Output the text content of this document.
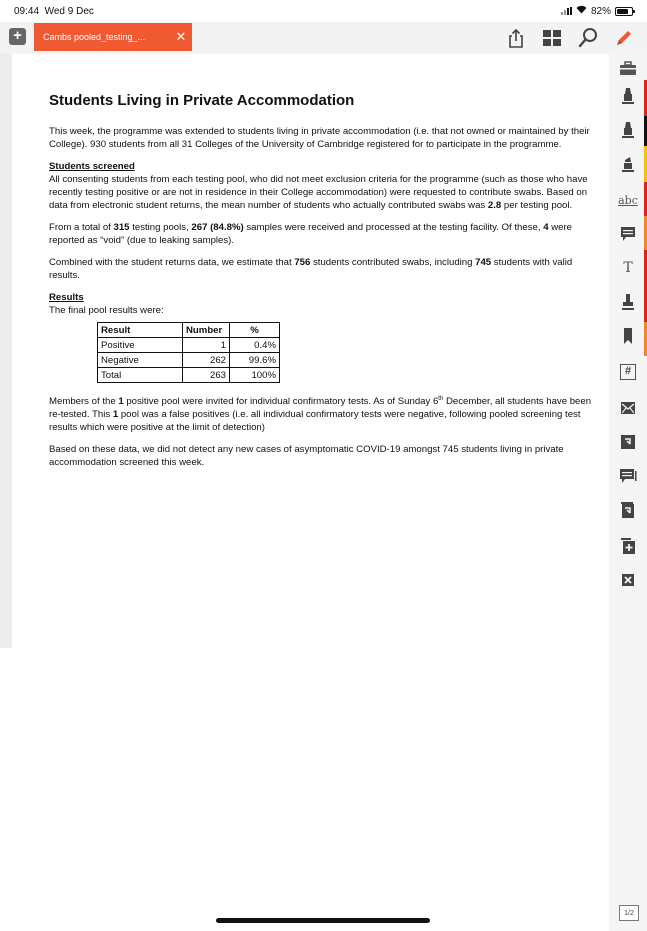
09:44 Wed 9 Dec	82%
+	Cambs pooled_testing_...	✕
abc
T
#
1/2
Students Living in Private Accommodation

This week, the programme was extended to students living in private accommodation (i.e. that not owned or maintained by their College). 930 students from all 31 Colleges of the University of Cambridge registered for to participate in the programme.

Students screened

All consenting students from each testing pool, who did not meet exclusion criteria for the programme (such as those who have recently testing positive or are not in residence in their College accommodation) were requested to contribute swabs. Based on data from electronic student returns, the mean number of students who actually contributed swabs was 2.8 per testing pool.

From a total of 315 testing pools, 267 (84.8%) samples were received and processed at the testing facility. Of these, 4 were reported as “void” (due to leaking samples).

Combined with the student returns data, we estimate that 756 students contributed swabs, including 745 students with valid results.

Results

The final pool results were:

Result	Number	%
Positive	1	0.4%
Negative	262	99.6%
Total	263	100%

Members of the 1 positive pool were invited for individual confirmatory tests. As of Sunday 6th December, all students have been re-tested. This 1 pool was a false positives (i.e. all individual confirmatory tests were negative, following pooled screening test results which were positive at the limit of detection)

Based on these data, we did not detect any new cases of asymptomatic COVID-19 amongst 745 students living in private accommodation screened this week.
